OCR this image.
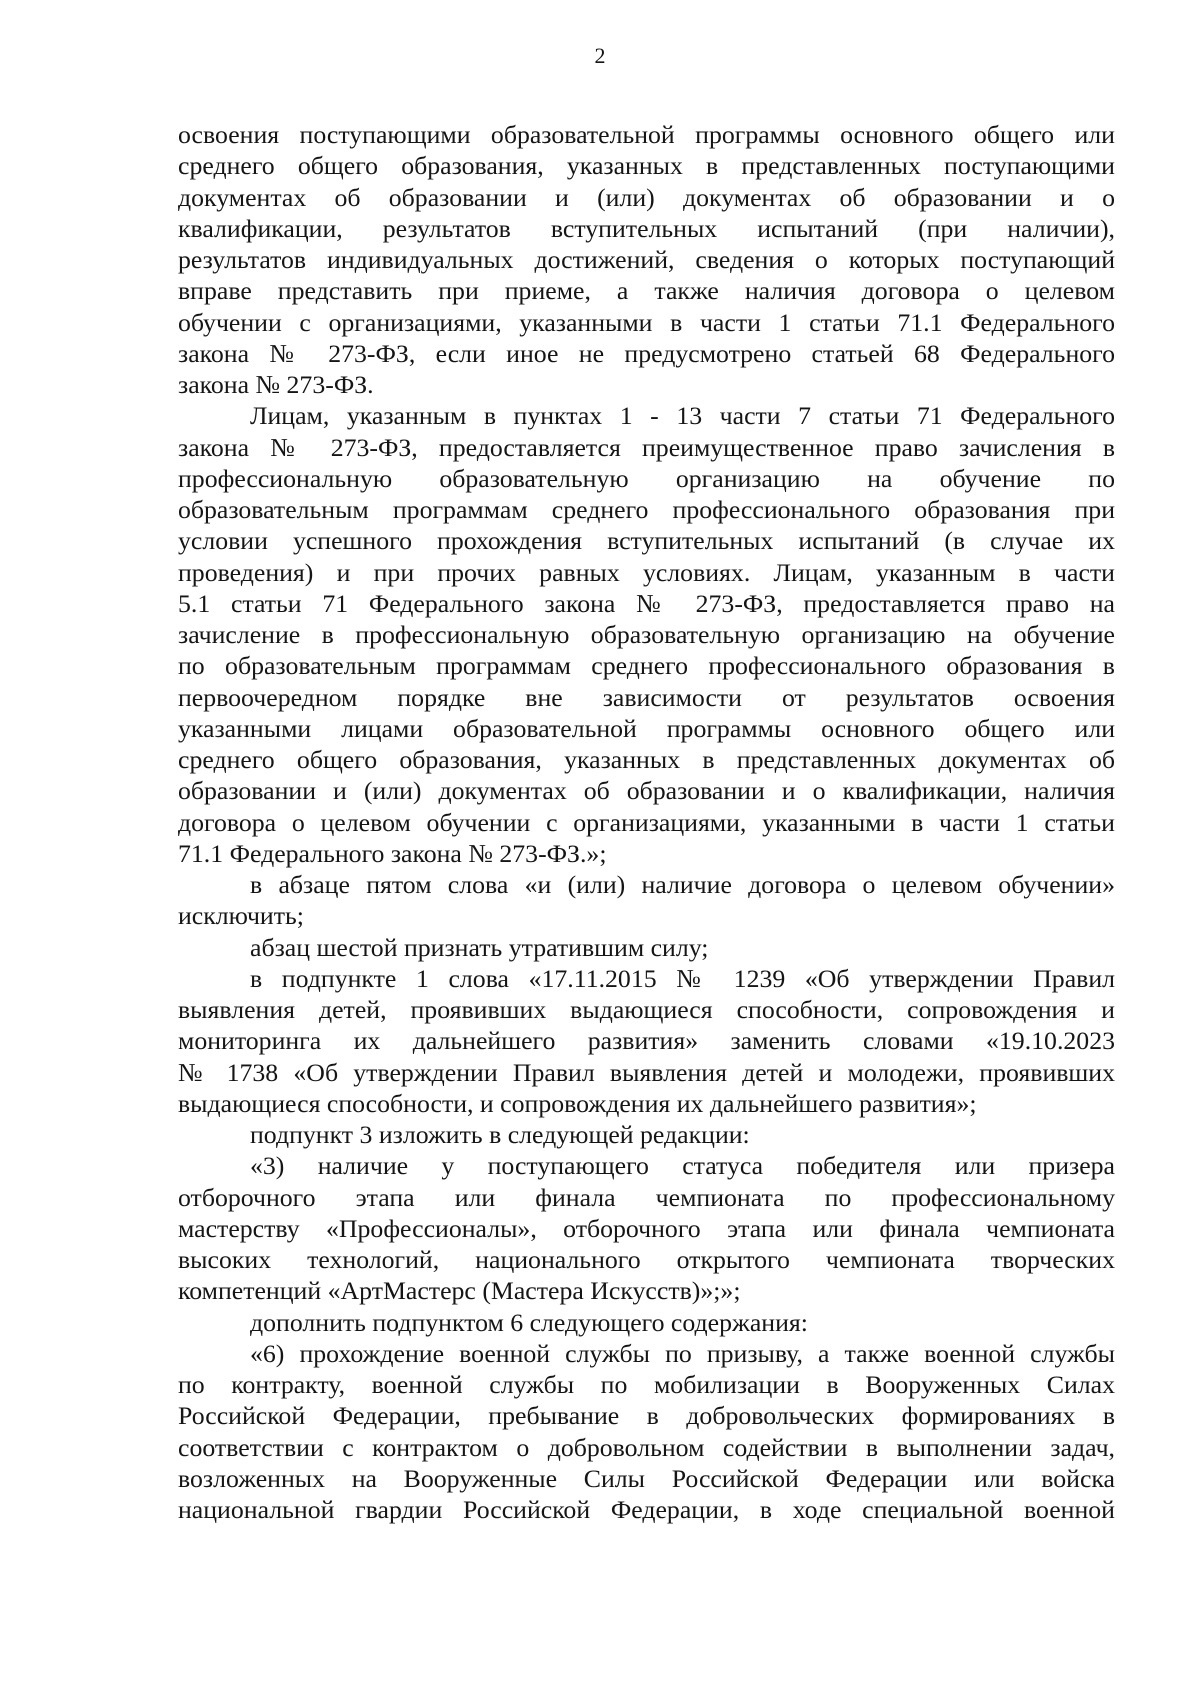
2
освоения поступающими образовательной программы основного общего или
среднего общего образования, указанных в представленных поступающими
документах об образовании и (или) документах об образовании и о
квалификации, результатов вступительных испытаний (при наличии),
результатов индивидуальных достижений, сведения о которых поступающий
вправе представить при приеме, а также наличия договора о целевом
обучении с организациями, указанными в части 1 статьи 71.1 Федерального
закона № 273-ФЗ, если иное не предусмотрено статьей 68 Федерального
закона № 273-ФЗ.
Лицам, указанным в пунктах 1 - 13 части 7 статьи 71 Федерального
закона № 273-ФЗ, предоставляется преимущественное право зачисления в
профессиональную образовательную организацию на обучение по
образовательным программам среднего профессионального образования при
условии успешного прохождения вступительных испытаний (в случае их
проведения) и при прочих равных условиях. Лицам, указанным в части
5.1 статьи 71 Федерального закона № 273-ФЗ, предоставляется право на
зачисление в профессиональную образовательную организацию на обучение
по образовательным программам среднего профессионального образования в
первоочередном порядке вне зависимости от результатов освоения
указанными лицами образовательной программы основного общего или
среднего общего образования, указанных в представленных документах об
образовании и (или) документах об образовании и о квалификации, наличия
договора о целевом обучении с организациями, указанными в части 1 статьи
71.1 Федерального закона № 273-ФЗ.»;
в абзаце пятом слова «и (или) наличие договора о целевом обучении»
исключить;
абзац шестой признать утратившим силу;
в подпункте 1 слова «17.11.2015 № 1239 «Об утверждении Правил
выявления детей, проявивших выдающиеся способности, сопровождения и
мониторинга их дальнейшего развития» заменить словами «19.10.2023
№ 1738 «Об утверждении Правил выявления детей и молодежи, проявивших
выдающиеся способности, и сопровождения их дальнейшего развития»;
подпункт 3 изложить в следующей редакции:
«3) наличие у поступающего статуса победителя или призера
отборочного этапа или финала чемпионата по профессиональному
мастерству «Профессионалы», отборочного этапа или финала чемпионата
высоких технологий, национального открытого чемпионата творческих
компетенций «АртМастерс (Мастера Искусств)»;»;
дополнить подпунктом 6 следующего содержания:
«6) прохождение военной службы по призыву, а также военной службы
по контракту, военной службы по мобилизации в Вооруженных Силах
Российской Федерации, пребывание в добровольческих формированиях в
соответствии с контрактом о добровольном содействии в выполнении задач,
возложенных на Вооруженные Силы Российской Федерации или войска
национальной гвардии Российской Федерации, в ходе специальной военной
